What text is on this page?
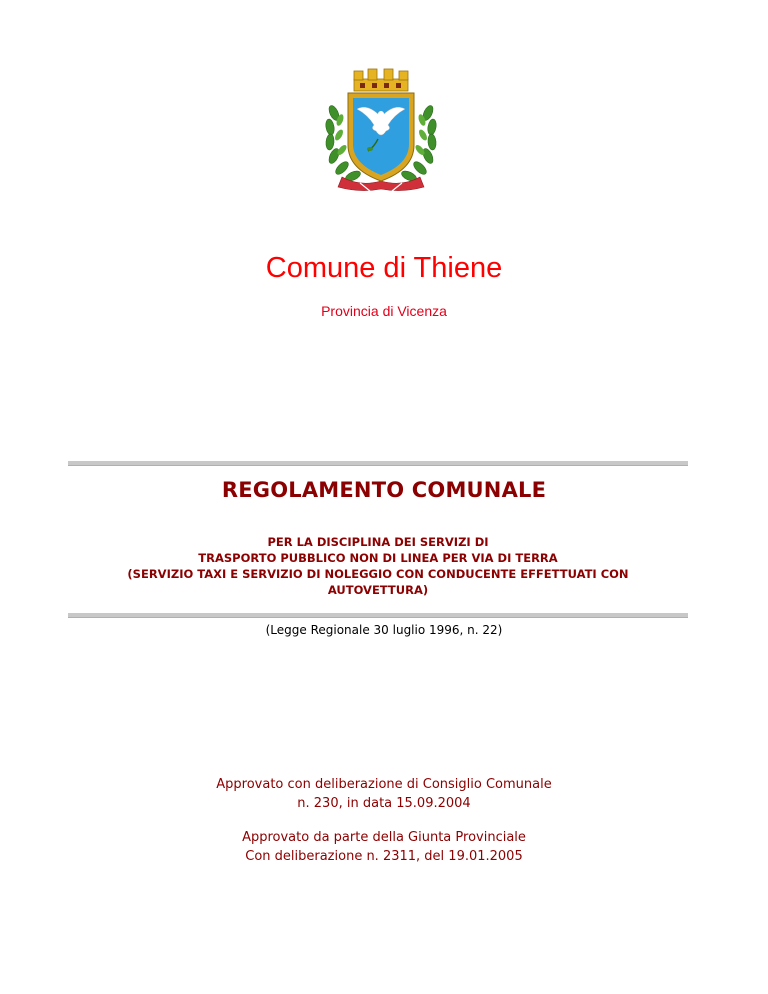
Comune di Thiene
Provincia di Vicenza
REGOLAMENTO COMUNALE
PER LA DISCIPLINA DEI SERVIZI DI
TRASPORTO PUBBLICO NON DI LINEA PER VIA DI TERRA
(SERVIZIO TAXI E SERVIZIO DI NOLEGGIO CON CONDUCENTE EFFETTUATI CON
AUTOVETTURA)
(Legge Regionale 30 luglio 1996, n. 22)
Approvato con deliberazione di Consiglio Comunale
n. 230, in data 15.09.2004
Approvato da parte della Giunta Provinciale
Con deliberazione n. 2311, del 19.01.2005
